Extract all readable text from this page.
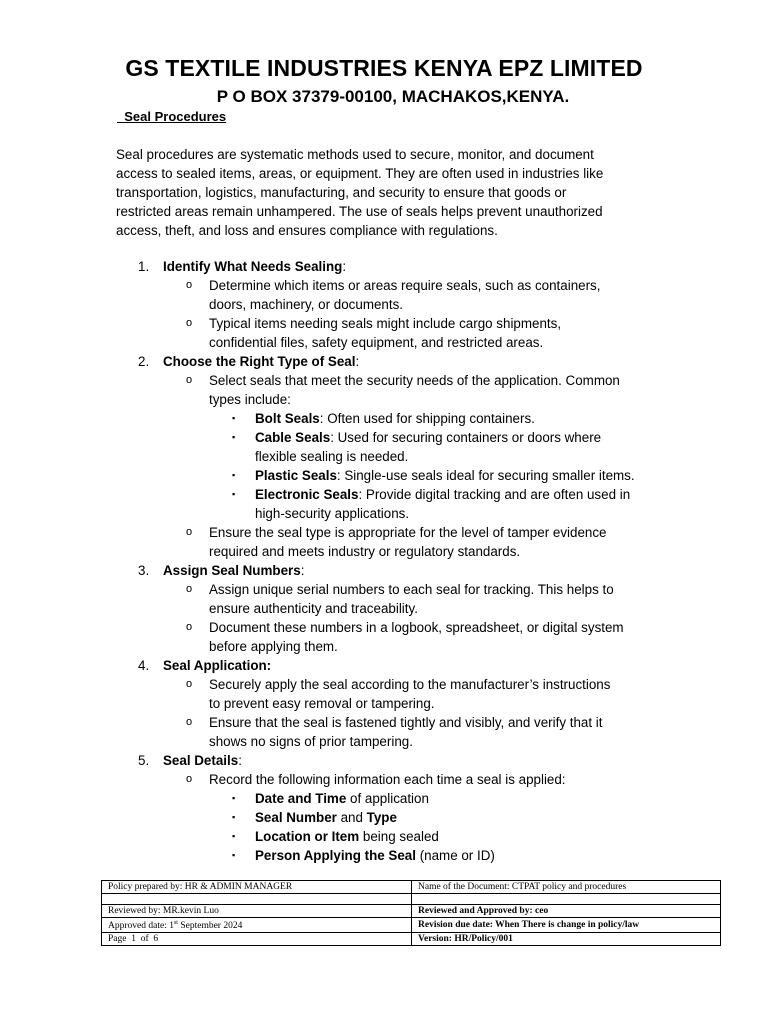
GS TEXTILE INDUSTRIES KENYA EPZ LIMITED
P O BOX 37379-00100, MACHAKOS,KENYA.
Seal Procedures
Seal procedures are systematic methods used to secure, monitor, and document
access to sealed items, areas, or equipment. They are often used in industries like
transportation, logistics, manufacturing, and security to ensure that goods or
restricted areas remain unhampered. The use of seals helps prevent unauthorized
access, theft, and loss and ensures compliance with regulations.
1. Identify What Needs Sealing:
o Determine which items or areas require seals, such as containers,
doors, machinery, or documents.
o Typical items needing seals might include cargo shipments,
confidential files, safety equipment, and restricted areas.
2. Choose the Right Type of Seal:
o Select seals that meet the security needs of the application. Common
types include:
▪ Bolt Seals: Often used for shipping containers.
▪ Cable Seals: Used for securing containers or doors where
flexible sealing is needed.
▪ Plastic Seals: Single-use seals ideal for securing smaller items.
▪ Electronic Seals: Provide digital tracking and are often used in
high-security applications.
o Ensure the seal type is appropriate for the level of tamper evidence
required and meets industry or regulatory standards.
3. Assign Seal Numbers:
o Assign unique serial numbers to each seal for tracking. This helps to
ensure authenticity and traceability.
o Document these numbers in a logbook, spreadsheet, or digital system
before applying them.
4. Seal Application:
o Securely apply the seal according to the manufacturer’s instructions
to prevent easy removal or tampering.
o Ensure that the seal is fastened tightly and visibly, and verify that it
shows no signs of prior tampering.
5. Seal Details:
o Record the following information each time a seal is applied:
▪ Date and Time of application
▪ Seal Number and Type
▪ Location or Item being sealed
▪ Person Applying the Seal (name or ID)
Policy prepared by: HR & ADMIN MANAGER	Name of the Document: CTPAT policy and procedures

Reviewed by: MR.kevin Luo	Reviewed and Approved by: ceo
Approved date: 1st September 2024	Revision due date: When There is change in policy/law
Page  1  of  6	Version: HR/Policy/001
